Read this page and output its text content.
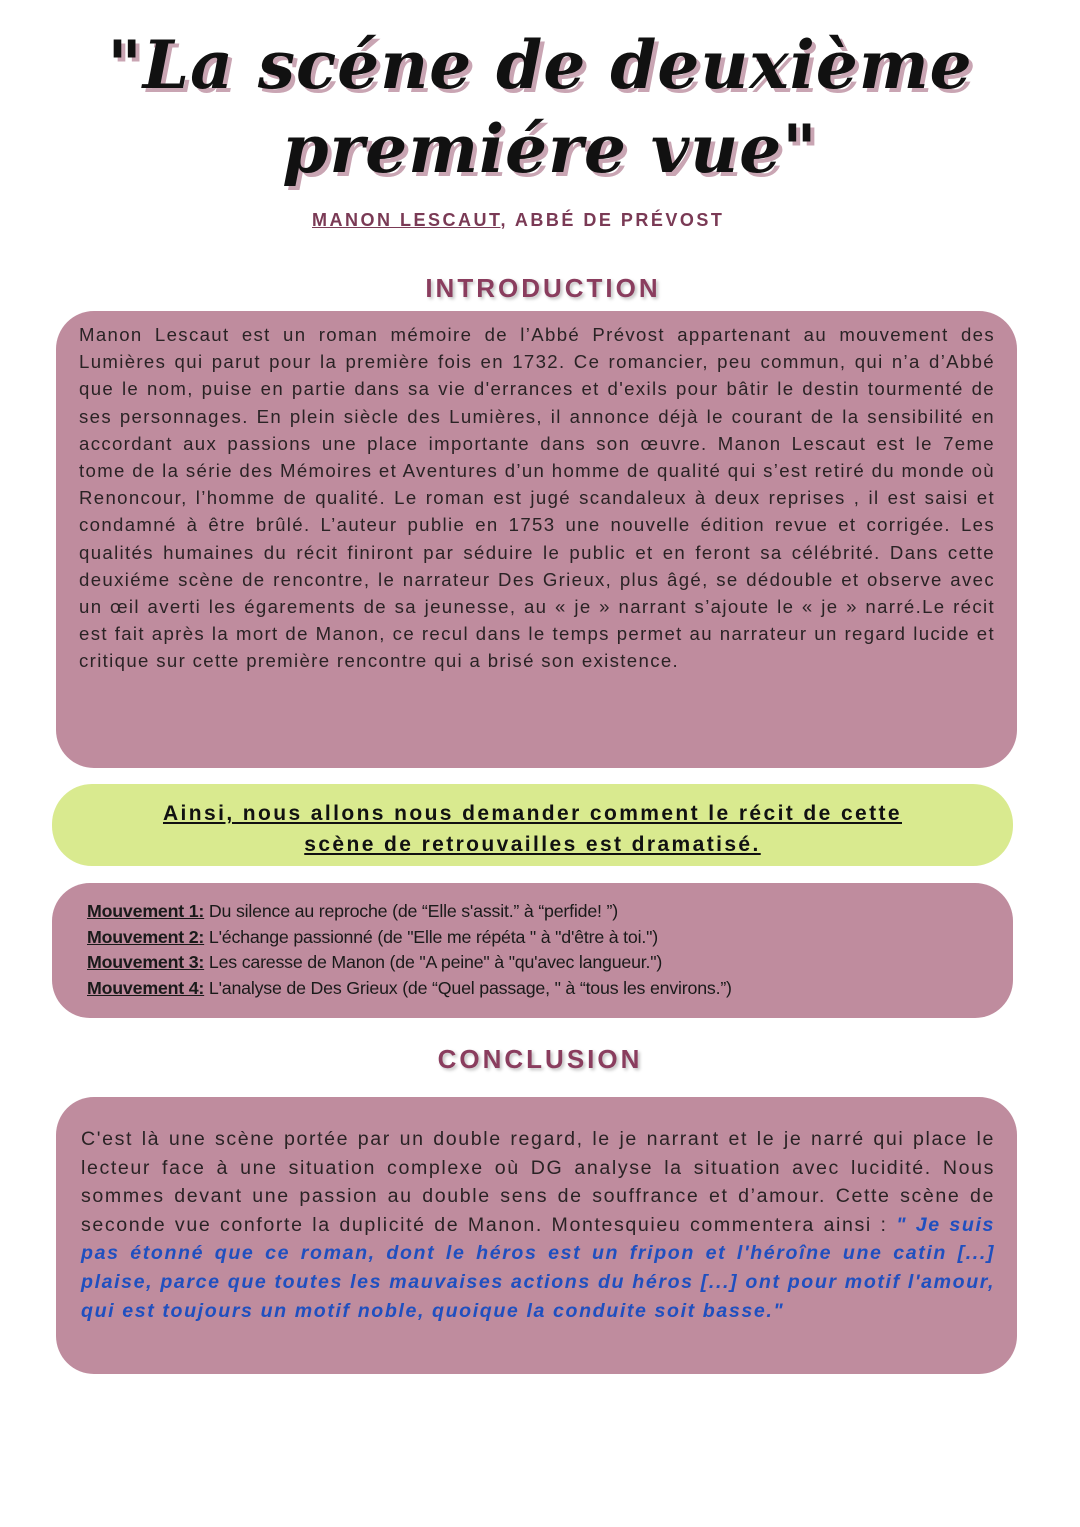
"La scéne de deuxième
premiére vue"
MANON LESCAUT, ABBÉ DE PRÉVOST
INTRODUCTION

Manon Lescaut est un roman mémoire de l’Abbé Prévost appartenant au mouvement des Lumières qui parut pour la première fois en 1732. Ce romancier, peu commun, qui n’a d’Abbé que le nom, puise en partie dans sa vie d'errances et d'exils pour bâtir le destin tourmenté de ses personnages. En plein siècle des Lumières, il annonce déjà le courant de la sensibilité en accordant aux passions une place importante dans son œuvre. Manon Lescaut est le 7eme tome de la série des Mémoires et Aventures d’un homme de qualité qui s’est retiré du monde où Renoncour, l’homme de qualité. Le roman est jugé scandaleux à deux reprises , il est saisi et condamné à être brûlé. L’auteur publie en 1753 une nouvelle édition revue et corrigée. Les qualités humaines du récit finiront par séduire le public et en feront sa célébrité. Dans cette deuxiéme scène de rencontre, le narrateur Des Grieux, plus âgé, se dédouble et observe avec un œil averti les égarements de sa jeunesse, au « je » narrant s’ajoute le « je » narré.Le récit est fait après la mort de Manon, ce recul dans le temps permet au narrateur un regard lucide et critique sur cette première rencontre qui a brisé son existence.

Ainsi, nous allons nous demander comment le récit de cette
scène de retrouvailles est dramatisé.
Mouvement 1: Du silence au reproche (de “Elle s'assit.” à “perfide! ”)
Mouvement 2: L'échange passionné (de "Elle me répéta " à "d'être à toi.")
Mouvement 3: Les caresse de Manon (de "A peine" à "qu'avec langueur.")
Mouvement 4: L'analyse de Des Grieux (de “Quel passage, " à “tous les environs.”)
CONCLUSION

C'est là une scène portée par un double regard, le je narrant et le je narré qui place le lecteur face à une situation complexe où DG analyse la situation avec lucidité. Nous sommes devant une passion au double sens de souffrance et d’amour. Cette scène de seconde vue conforte la duplicité de Manon. Montesquieu commentera ainsi : " Je suis pas étonné que ce roman, dont le héros est un fripon et l'héroîne une catin [...] plaise, parce que toutes les mauvaises actions du héros [...] ont pour motif l'amour, qui est toujours un motif noble, quoique la conduite soit basse."
